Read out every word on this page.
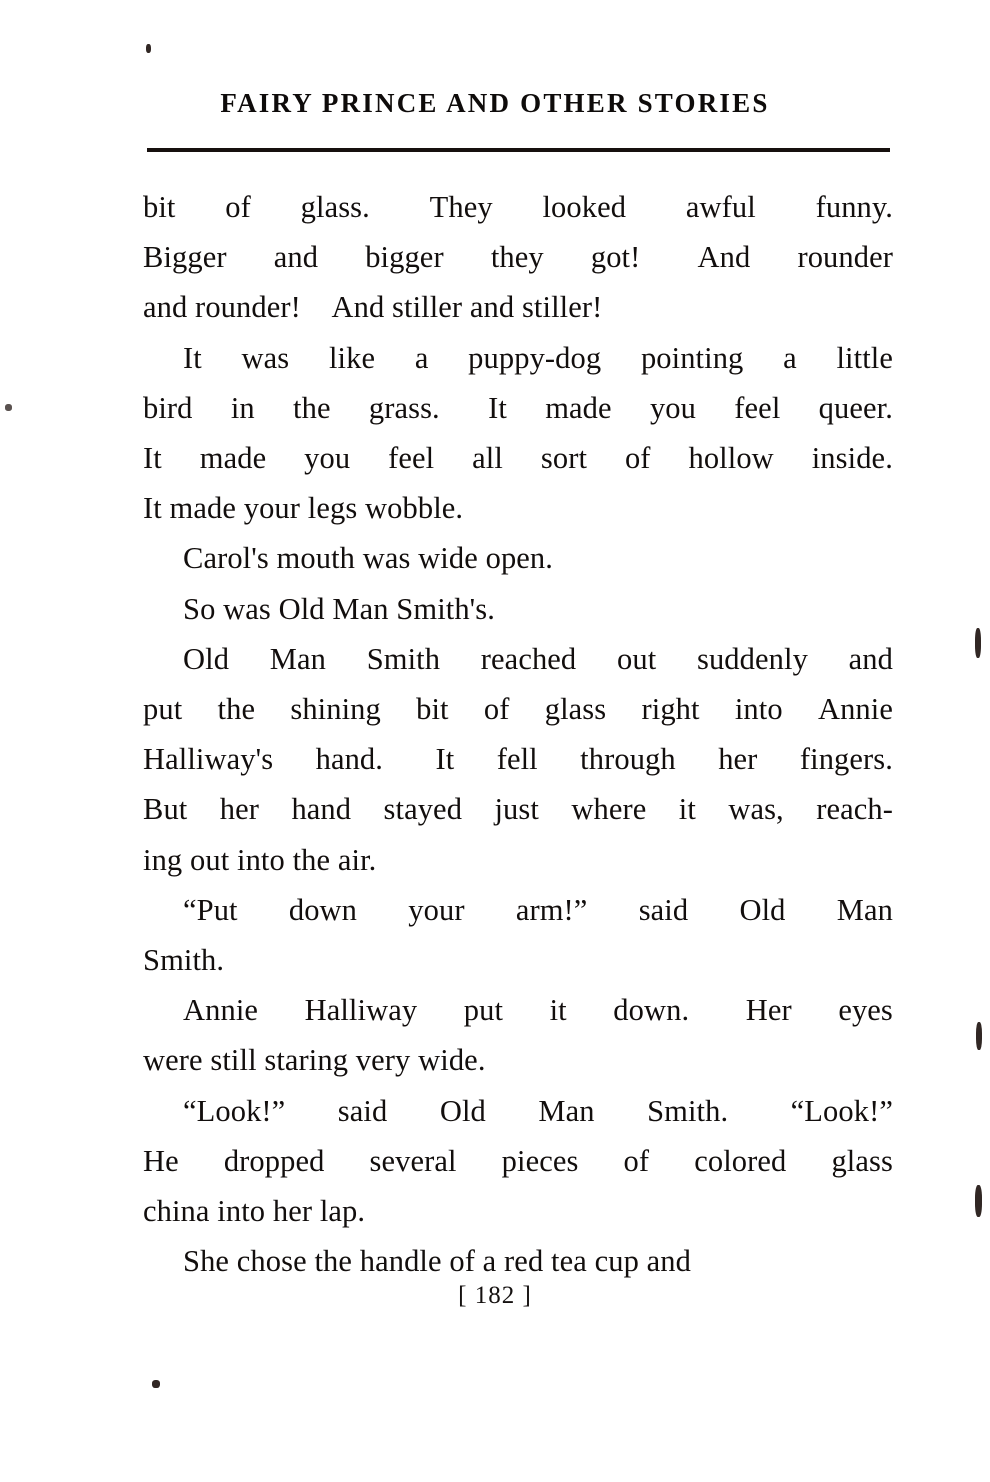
FAIRY PRINCE AND OTHER STORIES

bit of glass. They looked awful funny.
Bigger and bigger they got! And rounder
and rounder! And stiller and stiller!

It was like a puppy-dog pointing a little
bird in the grass. It made you feel queer.
It made you feel all sort of hollow inside.
It made your legs wobble.

Carol's mouth was wide open.

So was Old Man Smith's.

Old Man Smith reached out suddenly and
put the shining bit of glass right into Annie
Halliway's hand. It fell through her fingers.
But her hand stayed just where it was, reach-
ing out into the air.

“Put down your arm!” said Old Man
Smith.

Annie Halliway put it down. Her eyes
were still staring very wide.

“Look!” said Old Man Smith. “Look!”
He dropped several pieces of colored glass
china into her lap.

She chose the handle of a red tea cup and

[ 182 ]
